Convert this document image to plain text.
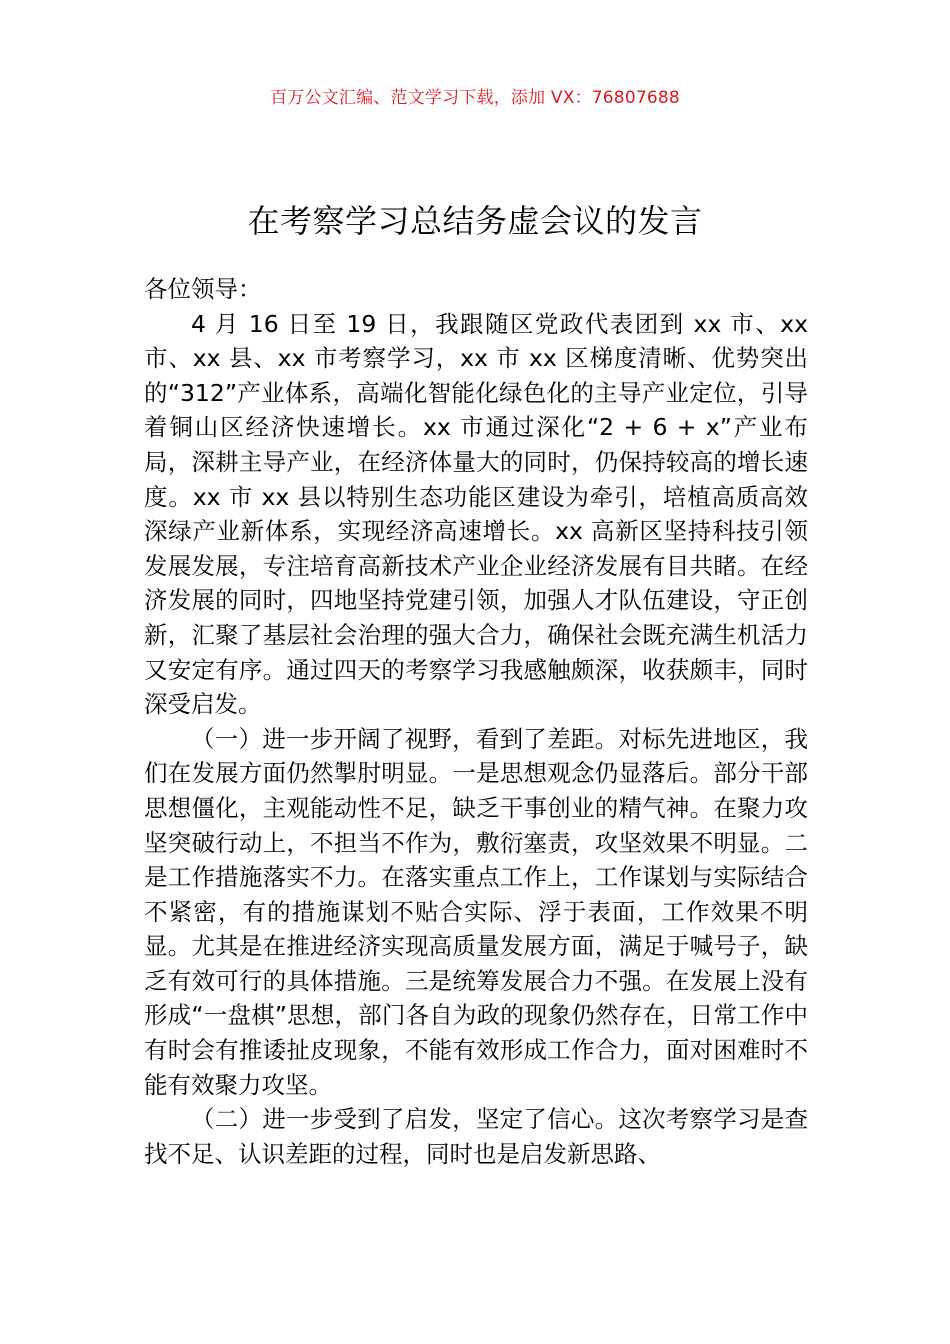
百万公文汇编、范文学习下载，添加 VX：76807688
在考察学习总结务虚会议的发言

各位领导：

4 月 16 日至 19 日，我跟随区党政代表团到 xx 市、xx 市、xx 县、xx 市考察学习，xx 市 xx 区梯度清晰、优势突出的“312”产业体系，高端化智能化绿色化的主导产业定位，引导着铜山区经济快速增长。xx 市通过深化“2 + 6 + x”产业布局，深耕主导产业，在经济体量大的同时，仍保持较高的增长速度。xx 市 xx 县以特别生态功能区建设为牵引，培植高质高效深绿产业新体系，实现经济高速增长。xx 高新区坚持科技引领发展发展，专注培育高新技术产业企业经济发展有目共睹。在经济发展的同时，四地坚持党建引领，加强人才队伍建设，守正创新，汇聚了基层社会治理的强大合力，确保社会既充满生机活力又安定有序。通过四天的考察学习我感触颇深，收获颇丰，同时深受启发。

（一）进一步开阔了视野，看到了差距。对标先进地区，我们在发展方面仍然掣肘明显。一是思想观念仍显落后。部分干部思想僵化，主观能动性不足，缺乏干事创业的精气神。在聚力攻坚突破行动上，不担当不作为，敷衍塞责，攻坚效果不明显。二是工作措施落实不力。在落实重点工作上，工作谋划与实际结合不紧密，有的措施谋划不贴合实际、浮于表面，工作效果不明显。尤其是在推进经济实现高质量发展方面，满足于喊号子，缺乏有效可行的具体措施。三是统筹发展合力不强。在发展上没有形成“一盘棋”思想，部门各自为政的现象仍然存在，日常工作中有时会有推诿扯皮现象，不能有效形成工作合力，面对困难时不能有效聚力攻坚。

（二）进一步受到了启发，坚定了信心。这次考察学习是查找不足、认识差距的过程，同时也是启发新思路、
